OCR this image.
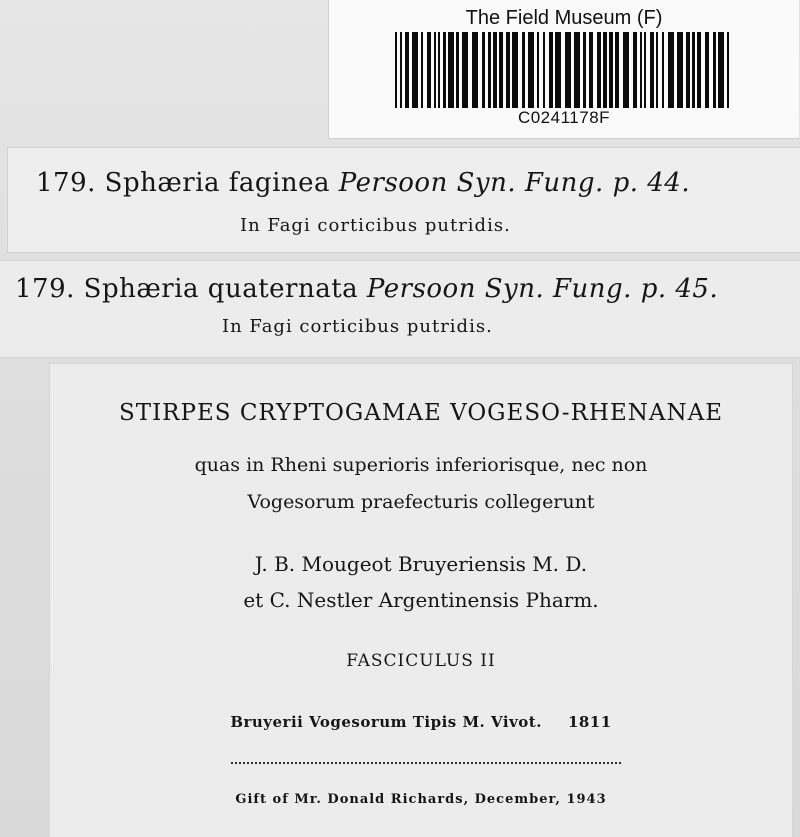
The Field Museum (F)
C0241178F
179. Sphæria faginea Persoon Syn. Fung. p. 44.
In Fagi corticibus putridis.
179. Sphæria quaternata Persoon Syn. Fung. p. 45.
In Fagi corticibus putridis.
STIRPES CRYPTOGAMAE VOGESO-RHENANAE
quas in Rheni superioris inferiorisque, nec non
Vogesorum praefecturis collegerunt
J. B. Mougeot Bruyeriensis M. D.
et C. Nestler Argentinensis Pharm.
FASCICULUS II
Bruyerii Vogesorum Tipis M. Vivot. 1811
Gift of Mr. Donald Richards, December, 1943
